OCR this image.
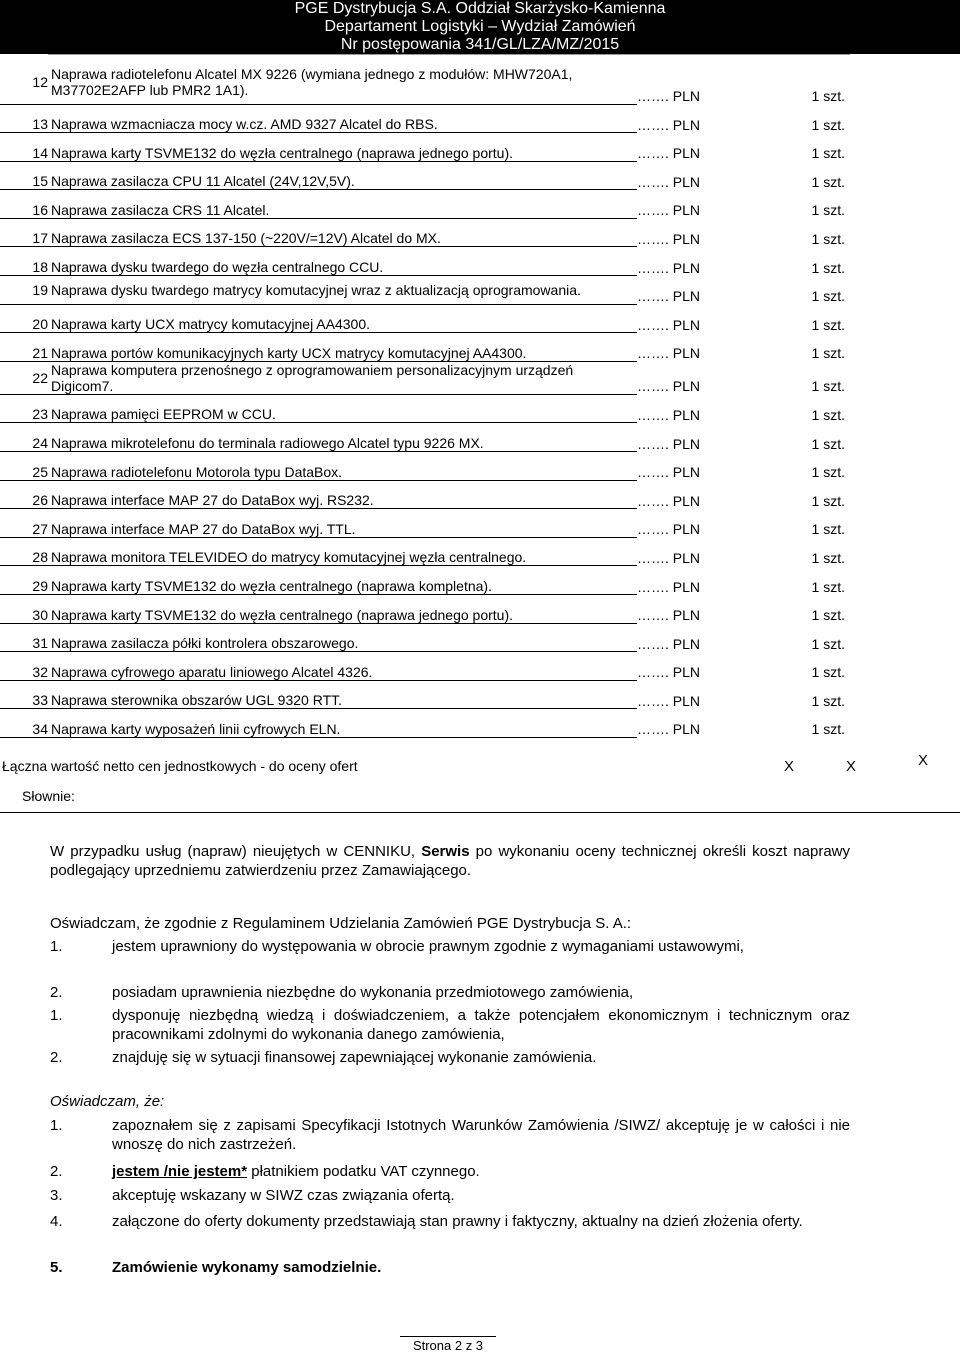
PGE Dystrybucja S.A. Oddział Skarżysko-Kamienna
Departament Logistyki – Wydział Zamówień
Nr postępowania 341/GL/LZA/MZ/2015
12	Naprawa radiotelefonu Alcatel MX 9226 (wymiana jednego z modułów: MHW720A1, M37702E2AFP lub PMR2 1A1).	……. PLN	1 szt.
13	Naprawa wzmacniacza mocy w.cz. AMD 9327 Alcatel do RBS.	……. PLN	1 szt.
14	Naprawa karty TSVME132 do węzła centralnego (naprawa jednego portu).	……. PLN	1 szt.
15	Naprawa zasilacza CPU 11 Alcatel (24V,12V,5V).	……. PLN	1 szt.
16	Naprawa zasilacza CRS 11 Alcatel.	……. PLN	1 szt.
17	Naprawa zasilacza ECS 137-150 (~220V/=12V) Alcatel do MX.	……. PLN	1 szt.
18	Naprawa dysku twardego do węzła centralnego CCU.	……. PLN	1 szt.
19	Naprawa dysku twardego matrycy komutacyjnej wraz z aktualizacją oprogramowania.	……. PLN	1 szt.
20	Naprawa karty UCX matrycy komutacyjnej AA4300.	……. PLN	1 szt.
21	Naprawa portów komunikacyjnych karty UCX matrycy komutacyjnej AA4300.	……. PLN	1 szt.
22	Naprawa komputera przenośnego z oprogramowaniem personalizacyjnym urządzeń Digicom7.	……. PLN	1 szt.
23	Naprawa pamięci EEPROM w CCU.	……. PLN	1 szt.
24	Naprawa mikrotelefonu do terminala radiowego Alcatel typu 9226 MX.	……. PLN	1 szt.
25	Naprawa radiotelefonu Motorola typu DataBox.	……. PLN	1 szt.
26	Naprawa interface MAP 27 do DataBox wyj. RS232.	……. PLN	1 szt.
27	Naprawa interface MAP 27 do DataBox wyj. TTL.	……. PLN	1 szt.
28	Naprawa monitora TELEVIDEO do matrycy komutacyjnej węzła centralnego.	……. PLN	1 szt.
29	Naprawa karty TSVME132 do węzła centralnego (naprawa kompletna).	……. PLN	1 szt.
30	Naprawa karty TSVME132 do węzła centralnego (naprawa jednego portu).	……. PLN	1 szt.
31	Naprawa zasilacza półki kontrolera obszarowego.	……. PLN	1 szt.
32	Naprawa cyfrowego aparatu liniowego Alcatel 4326.	……. PLN	1 szt.
33	Naprawa sterownika obszarów UGL 9320 RTT.	……. PLN	1 szt.
34	Naprawa karty wyposażeń linii cyfrowych ELN.	……. PLN	1 szt.
Łączna wartość netto cen jednostkowych - do oceny ofert	X	X	X
Słownie:
W przypadku usług (napraw) nieujętych w CENNIKU, Serwis po wykonaniu oceny technicznej określi koszt naprawy podlegający uprzedniemu zatwierdzeniu przez Zamawiającego.
Oświadczam, że zgodnie z Regulaminem Udzielania Zamówień PGE Dystrybucja S. A.:
1.	jestem uprawniony do występowania w obrocie prawnym zgodnie z wymaganiami ustawowymi,
2.	posiadam uprawnienia niezbędne do wykonania przedmiotowego zamówienia,
1.	dysponuję niezbędną wiedzą i doświadczeniem, a także potencjałem ekonomicznym i technicznym oraz pracownikami zdolnymi do wykonania danego zamówienia,
2.	znajduję się w sytuacji finansowej zapewniającej wykonanie zamówienia.
Oświadczam, że:
1.	zapoznałem się z zapisami Specyfikacji Istotnych Warunków Zamówienia /SIWZ/ akceptuję je w całości i nie wnoszę do nich zastrzeżeń.
2.	jestem /nie jestem* płatnikiem podatku VAT czynnego.
3.	akceptuję wskazany w SIWZ czas związania ofertą.
4.	załączone do oferty dokumenty przedstawiają stan prawny i faktyczny, aktualny na dzień złożenia oferty.
5.	Zamówienie wykonamy samodzielnie.
Strona 2 z 3
